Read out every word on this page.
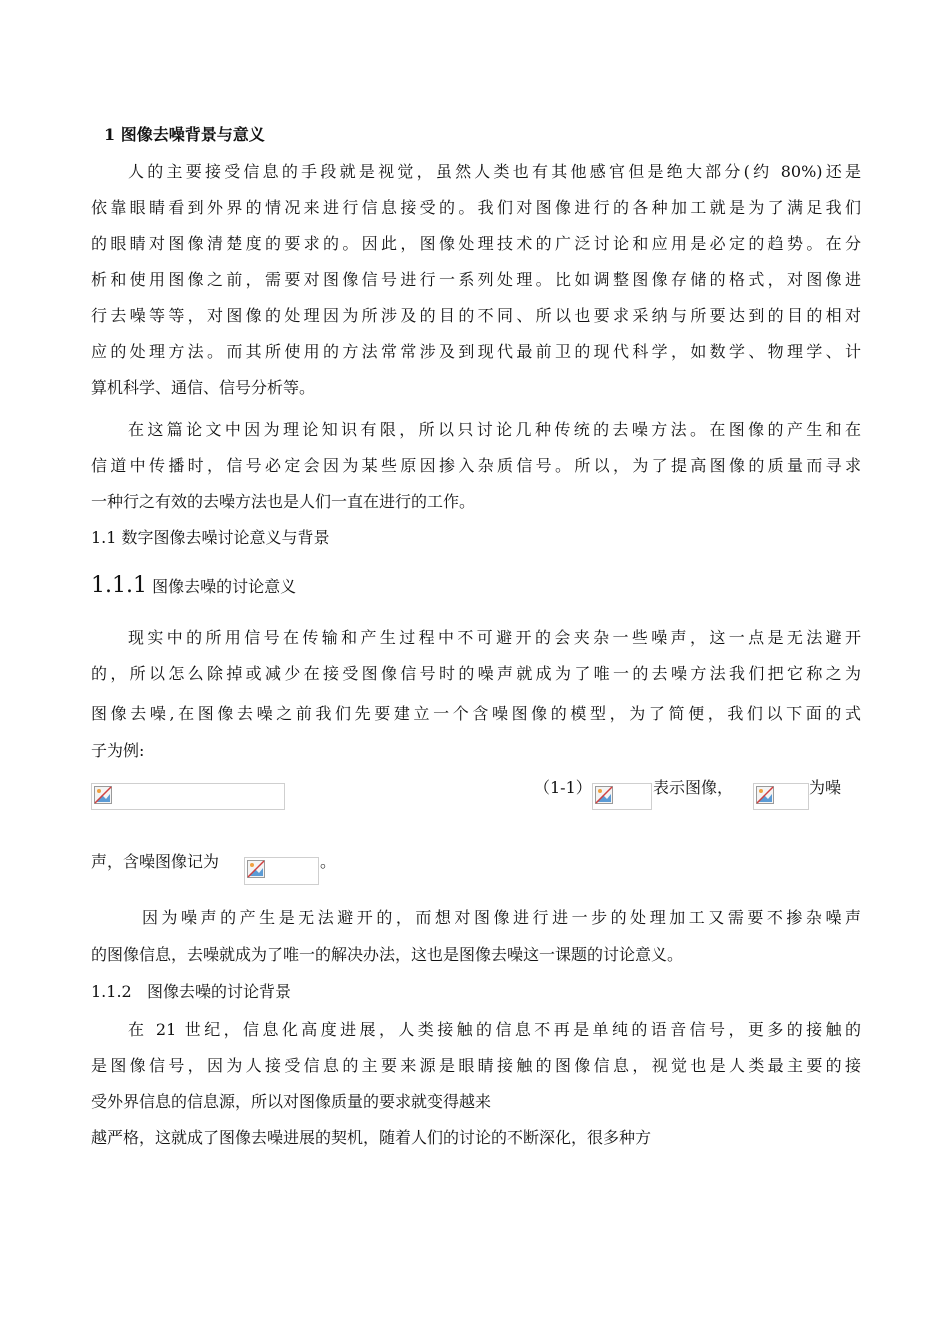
1 图像去噪背景与意义
人的主要接受信息的手段就是视觉，虽然人类也有其他感官但是绝大部分(约 80%)还是
依靠眼睛看到外界的情况来进行信息接受的。我们对图像进行的各种加工就是为了满足我们
的眼睛对图像清楚度的要求的。因此，图像处理技术的广泛讨论和应用是必定的趋势。在分
析和使用图像之前，需要对图像信号进行一系列处理。比如调整图像存储的格式，对图像进
行去噪等等，对图像的处理因为所涉及的目的不同、所以也要求采纳与所要达到的目的相对
应的处理方法。而其所使用的方法常常涉及到现代最前卫的现代科学，如数学、物理学、计
算机科学、通信、信号分析等。
在这篇论文中因为理论知识有限，所以只讨论几种传统的去噪方法。在图像的产生和在
信道中传播时，信号必定会因为某些原因掺入杂质信号。所以，为了提高图像的质量而寻求
一种行之有效的去噪方法也是人们一直在进行的工作。
1.1 数字图像去噪讨论意义与背景
1.1.1 图像去噪的讨论意义
现实中的所用信号在传输和产生过程中不可避开的会夹杂一些噪声，这一点是无法避开
的，所以怎么除掉或减少在接受图像信号时的噪声就成为了唯一的去噪方法我们把它称之为
图像去噪,在图像去噪之前我们先要建立一个含噪图像的模型，为了简便，我们以下面的式
子为例:
（1-1）	表示图像，	为噪
声，含噪图像记为	。
因为噪声的产生是无法避开的，而想对图像进行进一步的处理加工又需要不掺杂噪声
的图像信息，去噪就成为了唯一的解决办法，这也是图像去噪这一课题的讨论意义。
1.1.2   图像去噪的讨论背景
在 21 世纪，信息化高度进展，人类接触的信息不再是单纯的语音信号，更多的接触的
是图像信号，因为人接受信息的主要来源是眼睛接触的图像信息，视觉也是人类最主要的接
受外界信息的信息源，所以对图像质量的要求就变得越来
越严格，这就成了图像去噪进展的契机，随着人们的讨论的不断深化，很多种方
